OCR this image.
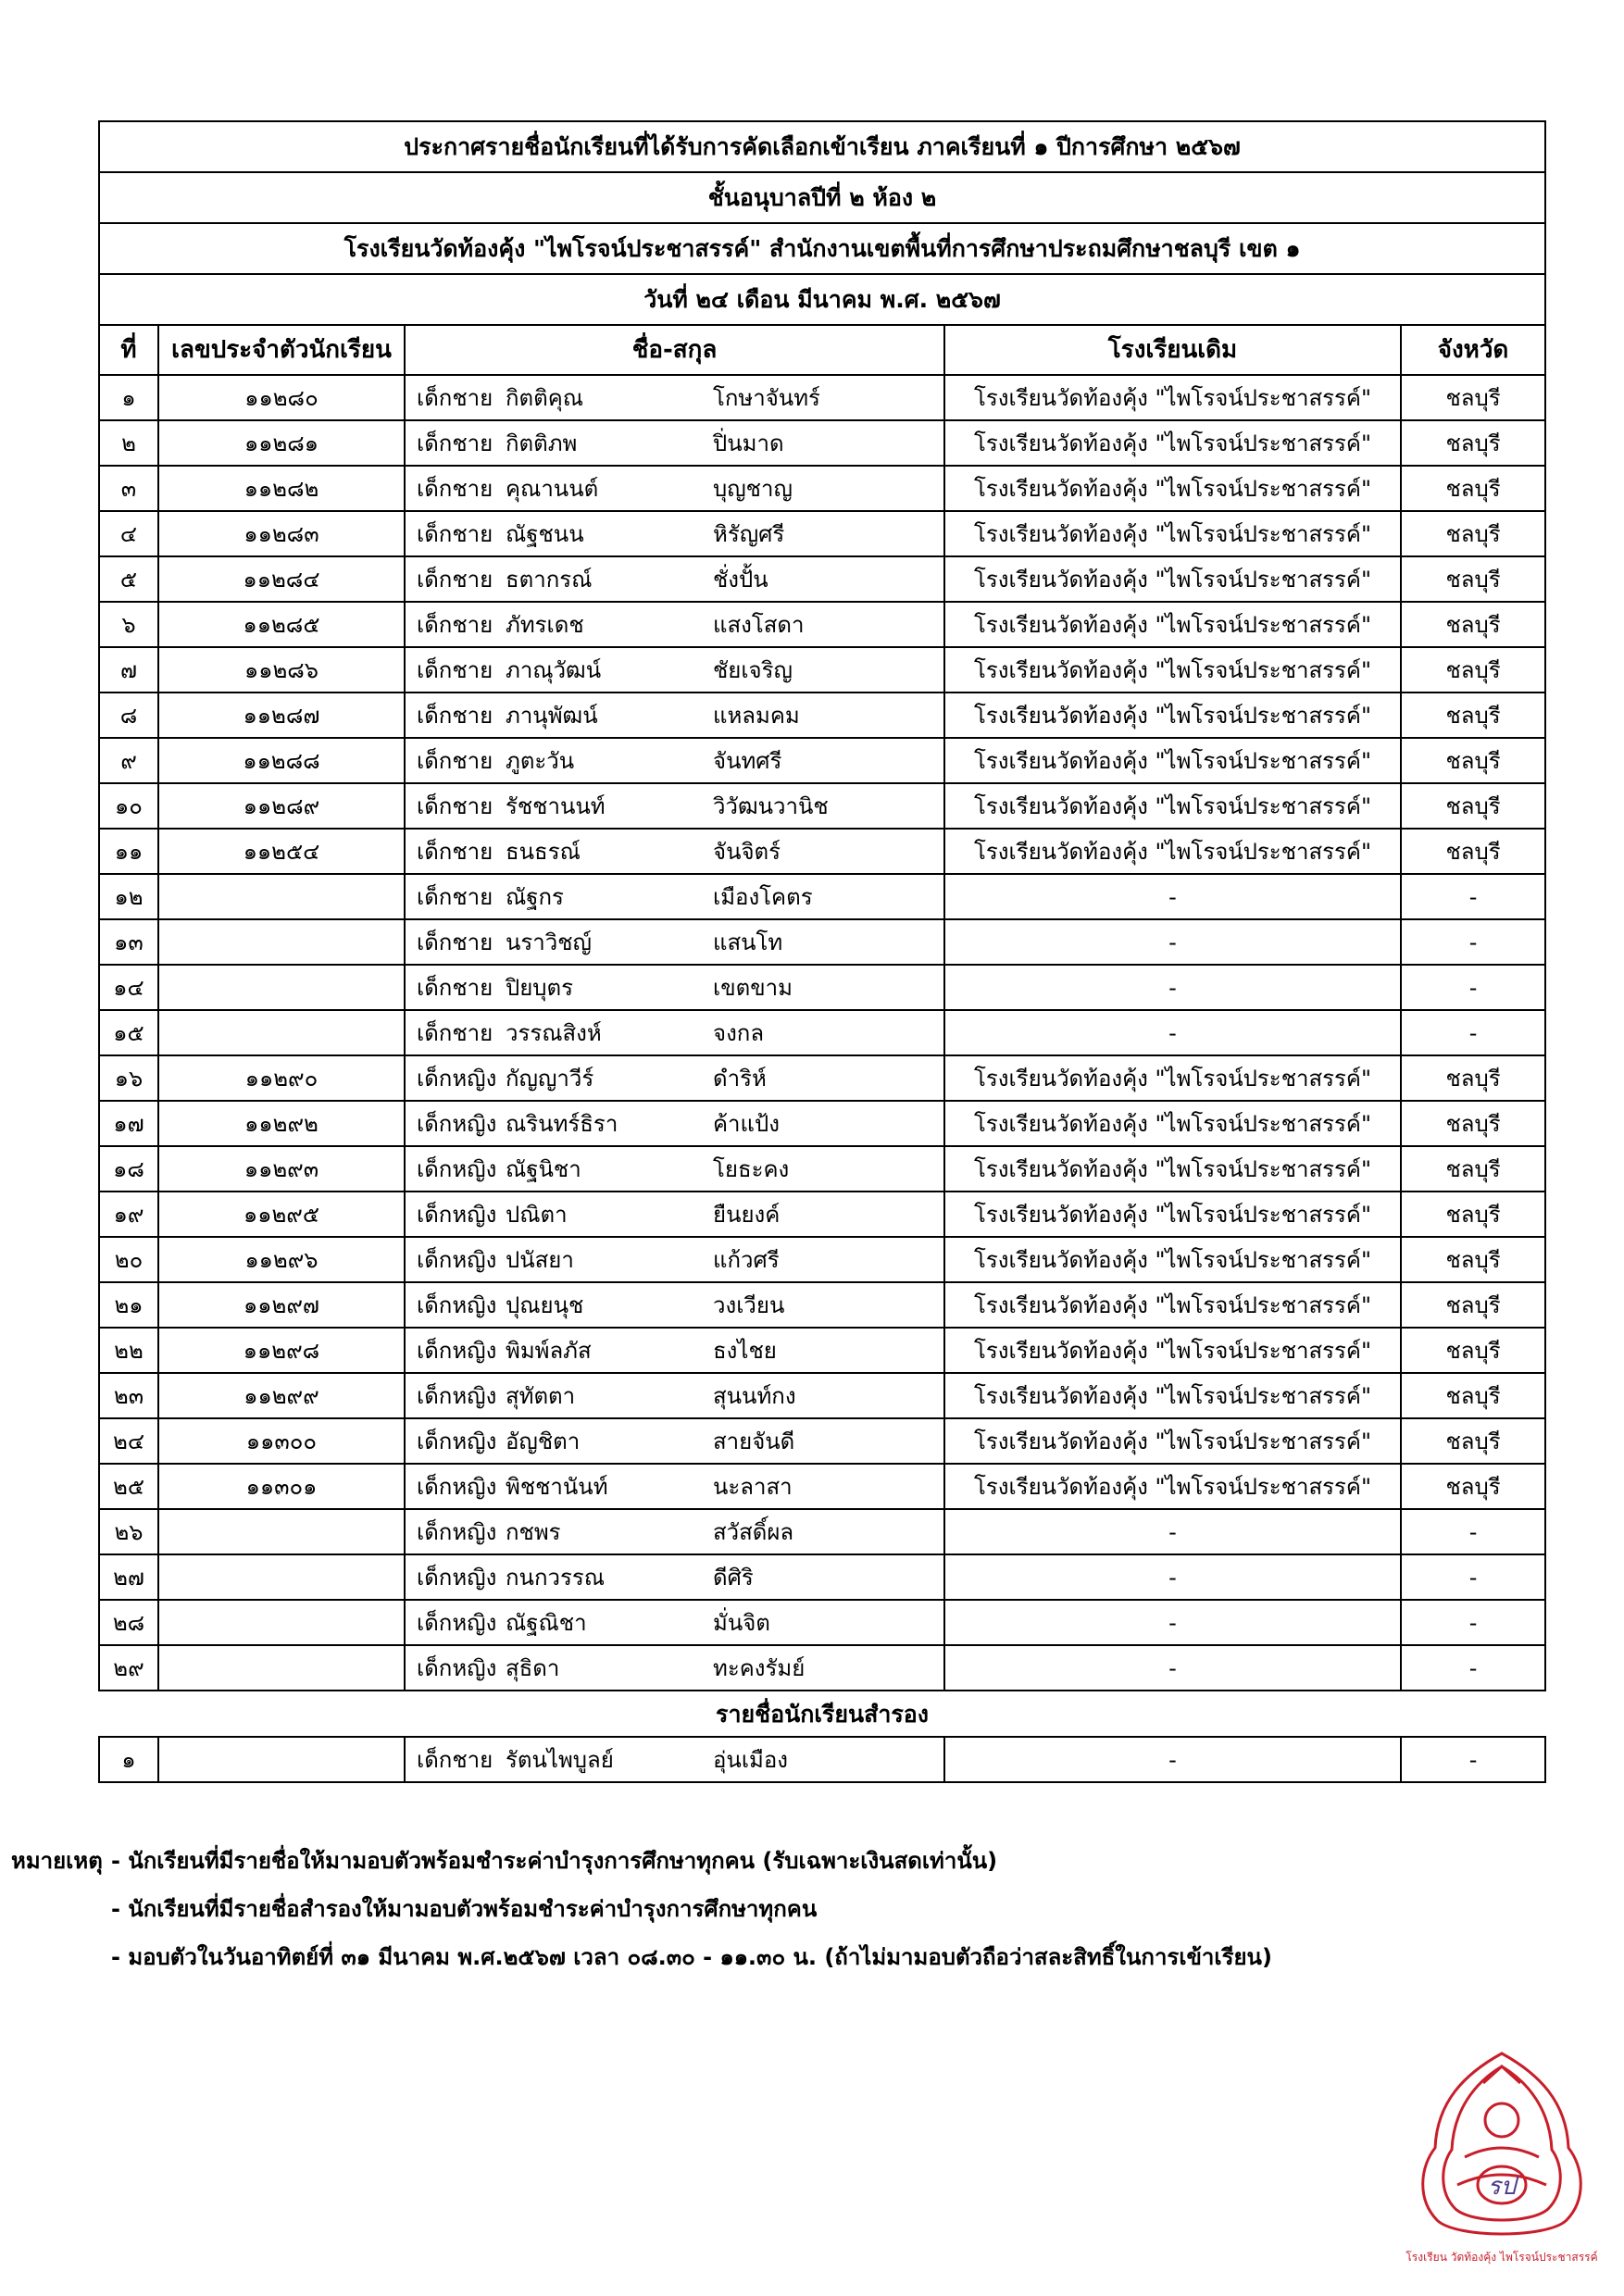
ประกาศรายชื่อนักเรียนที่ได้รับการคัดเลือกเข้าเรียน ภาคเรียนที่ ๑ ปีการศึกษา ๒๕๖๗				
ชั้นอนุบาลปีที่ ๒ ห้อง ๒				
โรงเรียนวัดท้องคุ้ง "ไพโรจน์ประชาสรรค์" สำนักงานเขตพื้นที่การศึกษาประถมศึกษาชลบุรี เขต ๑				
วันที่ ๒๔ เดือน มีนาคม พ.ศ. ๒๕๖๗				
ที่	เลขประจำตัวนักเรียน	ชื่อ-สกุล	โรงเรียนเดิม	จังหวัด
๑	๑๑๒๘๐	เด็กชาย กิตติคุณ โกษาจันทร์	โรงเรียนวัดท้องคุ้ง "ไพโรจน์ประชาสรรค์"	ชลบุรี
๒	๑๑๒๘๑	เด็กชาย กิตติภพ ปิ่นมาด	โรงเรียนวัดท้องคุ้ง "ไพโรจน์ประชาสรรค์"	ชลบุรี
๓	๑๑๒๘๒	เด็กชาย คุณานนต์ บุญชาญ	โรงเรียนวัดท้องคุ้ง "ไพโรจน์ประชาสรรค์"	ชลบุรี
๔	๑๑๒๘๓	เด็กชาย ณัฐชนน หิรัญศรี	โรงเรียนวัดท้องคุ้ง "ไพโรจน์ประชาสรรค์"	ชลบุรี
๕	๑๑๒๘๔	เด็กชาย ธตากรณ์ ชั่งปั้น	โรงเรียนวัดท้องคุ้ง "ไพโรจน์ประชาสรรค์"	ชลบุรี
๖	๑๑๒๘๕	เด็กชาย ภัทรเดช แสงโสดา	โรงเรียนวัดท้องคุ้ง "ไพโรจน์ประชาสรรค์"	ชลบุรี
๗	๑๑๒๘๖	เด็กชาย ภาณุวัฒน์ ชัยเจริญ	โรงเรียนวัดท้องคุ้ง "ไพโรจน์ประชาสรรค์"	ชลบุรี
๘	๑๑๒๘๗	เด็กชาย ภานุพัฒน์ แหลมคม	โรงเรียนวัดท้องคุ้ง "ไพโรจน์ประชาสรรค์"	ชลบุรี
๙	๑๑๒๘๘	เด็กชาย ภูตะวัน จันทศรี	โรงเรียนวัดท้องคุ้ง "ไพโรจน์ประชาสรรค์"	ชลบุรี
๑๐	๑๑๒๘๙	เด็กชาย รัชชานนท์ วิวัฒนวานิช	โรงเรียนวัดท้องคุ้ง "ไพโรจน์ประชาสรรค์"	ชลบุรี
๑๑	๑๑๒๕๔	เด็กชาย ธนธรณ์ จันจิตร์	โรงเรียนวัดท้องคุ้ง "ไพโรจน์ประชาสรรค์"	ชลบุรี
๑๒		เด็กชาย ณัฐกร เมืองโคตร	-	-
๑๓		เด็กชาย นราวิชญ์ แสนโท	-	-
๑๔		เด็กชาย ปิยบุตร เขตขาม	-	-
๑๕		เด็กชาย วรรณสิงห์ จงกล	-	-
๑๖	๑๑๒๙๐	เด็กหญิง กัญญาวีร์ ดำริห์	โรงเรียนวัดท้องคุ้ง "ไพโรจน์ประชาสรรค์"	ชลบุรี
๑๗	๑๑๒๙๒	เด็กหญิง ณรินทร์ธิรา ค้าแป้ง	โรงเรียนวัดท้องคุ้ง "ไพโรจน์ประชาสรรค์"	ชลบุรี
๑๘	๑๑๒๙๓	เด็กหญิง ณัฐนิชา โยธะคง	โรงเรียนวัดท้องคุ้ง "ไพโรจน์ประชาสรรค์"	ชลบุรี
๑๙	๑๑๒๙๕	เด็กหญิง ปณิตา ยืนยงค์	โรงเรียนวัดท้องคุ้ง "ไพโรจน์ประชาสรรค์"	ชลบุรี
๒๐	๑๑๒๙๖	เด็กหญิง ปนัสยา แก้วศรี	โรงเรียนวัดท้องคุ้ง "ไพโรจน์ประชาสรรค์"	ชลบุรี
๒๑	๑๑๒๙๗	เด็กหญิง ปุณยนุช วงเวียน	โรงเรียนวัดท้องคุ้ง "ไพโรจน์ประชาสรรค์"	ชลบุรี
๒๒	๑๑๒๙๘	เด็กหญิง พิมพ์ลภัส ธงไชย	โรงเรียนวัดท้องคุ้ง "ไพโรจน์ประชาสรรค์"	ชลบุรี
๒๓	๑๑๒๙๙	เด็กหญิง สุทัตตา สุนนท์กง	โรงเรียนวัดท้องคุ้ง "ไพโรจน์ประชาสรรค์"	ชลบุรี
๒๔	๑๑๓๐๐	เด็กหญิง อัญชิตา สายจันดี	โรงเรียนวัดท้องคุ้ง "ไพโรจน์ประชาสรรค์"	ชลบุรี
๒๕	๑๑๓๐๑	เด็กหญิง พิชชานันท์ นะลาสา	โรงเรียนวัดท้องคุ้ง "ไพโรจน์ประชาสรรค์"	ชลบุรี
๒๖		เด็กหญิง กชพร สวัสดิ์ผล	-	-
๒๗		เด็กหญิง กนกวรรณ ดีศิริ	-	-
๒๘		เด็กหญิง ณัฐณิชา มั่นจิต	-	-
๒๙		เด็กหญิง สุธิดา ทะคงรัมย์	-	-
รายชื่อนักเรียนสำรอง				
๑		เด็กชาย รัตนไพบูลย์ อุ่นเมือง	-	-
หมายเหตุ - นักเรียนที่มีรายชื่อให้มามอบตัวพร้อมชำระค่าบำรุงการศึกษาทุกคน (รับเฉพาะเงินสดเท่านั้น)
- นักเรียนที่มีรายชื่อสำรองให้มามอบตัวพร้อมชำระค่าบำรุงการศึกษาทุกคน
- มอบตัวในวันอาทิตย์ที่ ๓๑ มีนาคม พ.ศ.๒๕๖๗ เวลา ๐๘.๓๐ - ๑๑.๓๐ น. (ถ้าไม่มามอบตัวถือว่าสละสิทธิ์ในการเข้าเรียน)
รป
โรงเรียน วัดท้องคุ้ง ไพโรจน์ประชาสรรค์
